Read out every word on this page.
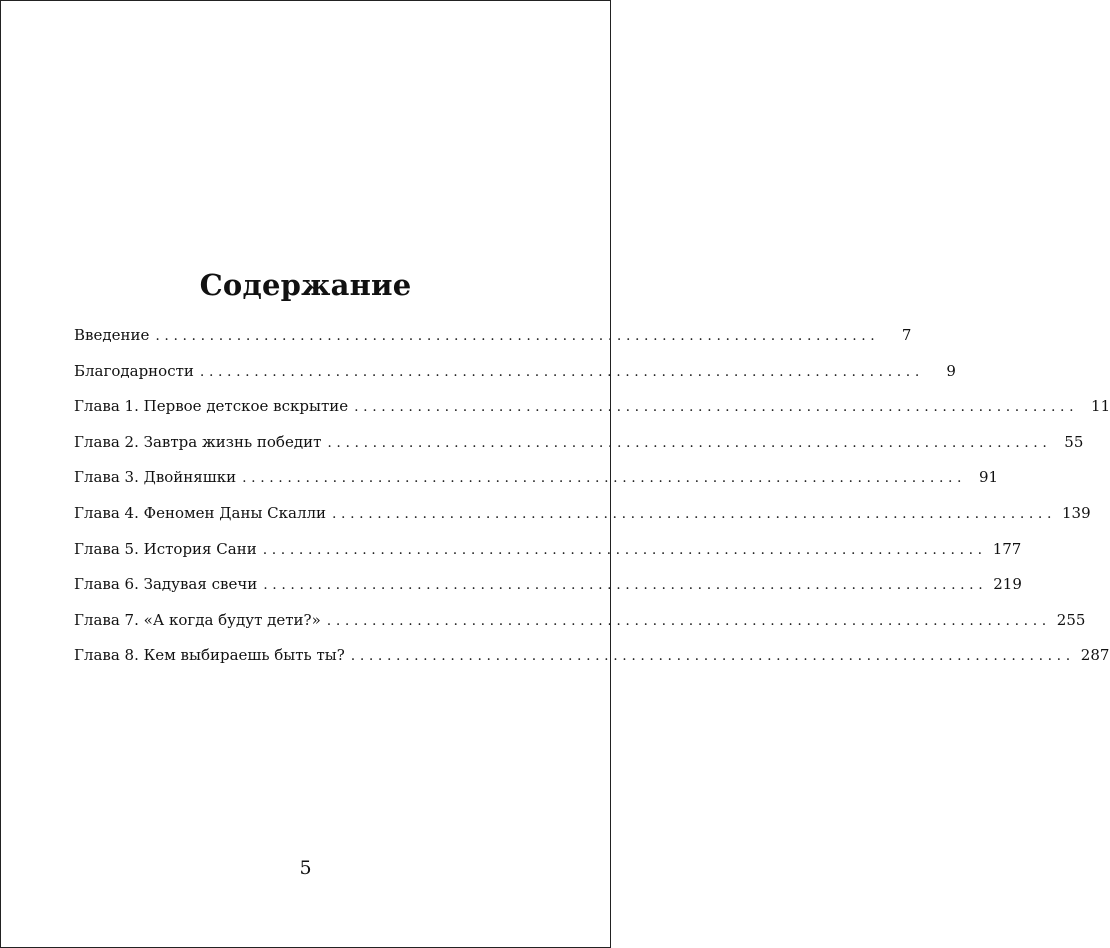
Содержание
Введение ................................................................................	7
Благодарности ................................................................................	9
Глава 1. Первое детское вскрытие ................................................................................ 11
Глава 2. Завтра жизнь победит ................................................................................ 55
Глава 3. Двойняшки ................................................................................ 91
Глава 4. Феномен Даны Скалли ................................................................................ 139
Глава 5. История Сани ................................................................................ 177
Глава 6. Задувая свечи ................................................................................ 219
Глава 7. «А когда будут дети?» ................................................................................ 255
Глава 8. Кем выбираешь быть ты? ................................................................................ 287
5
